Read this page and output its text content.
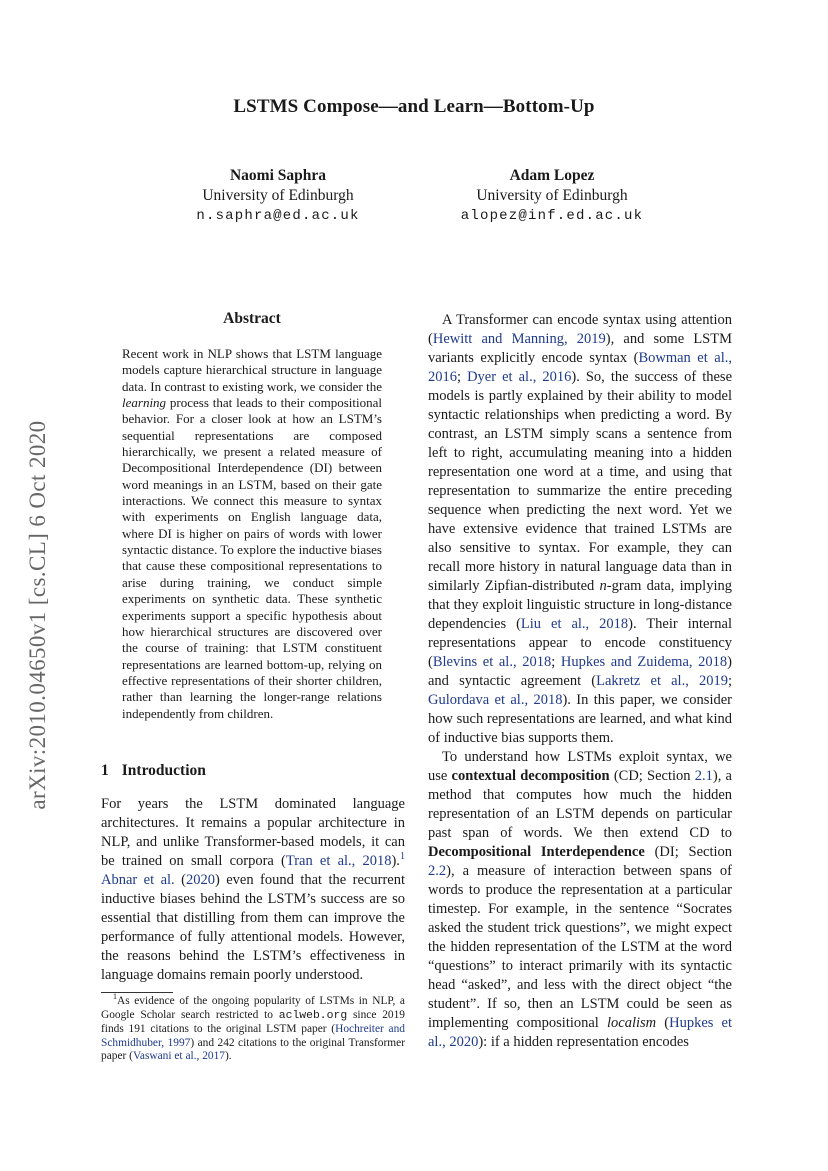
LSTMS Compose—and Learn—Bottom-Up
Naomi Saphra
University of Edinburgh
n.saphra@ed.ac.uk
Adam Lopez
University of Edinburgh
alopez@inf.ed.ac.uk
arXiv:2010.04650v1 [cs.CL] 6 Oct 2020
Abstract
Recent work in NLP shows that LSTM language models capture hierarchical structure in language data. In contrast to existing work, we consider the learning process that leads to their compositional behavior. For a closer look at how an LSTM’s sequential representations are composed hierarchically, we present a related measure of Decompositional Interdependence (DI) between word meanings in an LSTM, based on their gate interactions. We connect this measure to syntax with experiments on English language data, where DI is higher on pairs of words with lower syntactic distance. To explore the inductive biases that cause these compositional representations to arise during training, we conduct simple experiments on synthetic data. These synthetic experiments support a specific hypothesis about how hierarchical structures are discovered over the course of training: that LSTM constituent representations are learned bottom-up, relying on effective representations of their shorter children, rather than learning the longer-range relations independently from children.
1 Introduction
For years the LSTM dominated language architectures. It remains a popular architecture in NLP, and unlike Transformer-based models, it can be trained on small corpora (Tran et al., 2018).$^1$ Abnar et al. (2020) even found that the recurrent inductive biases behind the LSTM’s success are so essential that distilling from them can improve the performance of fully attentional models. However, the reasons behind the LSTM’s effectiveness in language domains remain poorly understood.

$^1$As evidence of the ongoing popularity of LSTMs in NLP, a Google Scholar search restricted to aclweb.org since 2019 finds 191 citations to the original LSTM paper (Hochreiter and Schmidhuber, 1997) and 242 citations to the original Transformer paper (Vaswani et al., 2017).

A Transformer can encode syntax using attention (Hewitt and Manning, 2019), and some LSTM variants explicitly encode syntax (Bowman et al., 2016; Dyer et al., 2016). So, the success of these models is partly explained by their ability to model syntactic relationships when predicting a word. By contrast, an LSTM simply scans a sentence from left to right, accumulating meaning into a hidden representation one word at a time, and using that representation to summarize the entire preceding sequence when predicting the next word. Yet we have extensive evidence that trained LSTMs are also sensitive to syntax. For example, they can recall more history in natural language data than in similarly Zipfian-distributed n-gram data, implying that they exploit linguistic structure in long-distance dependencies (Liu et al., 2018). Their internal representations appear to encode constituency (Blevins et al., 2018; Hupkes and Zuidema, 2018) and syntactic agreement (Lakretz et al., 2019; Gulordava et al., 2018). In this paper, we consider how such representations are learned, and what kind of inductive bias supports them.

To understand how LSTMs exploit syntax, we use contextual decomposition (CD; Section 2.1), a method that computes how much the hidden representation of an LSTM depends on particular past span of words. We then extend CD to Decompositional Interdependence (DI; Section 2.2), a measure of interaction between spans of words to produce the representation at a particular timestep. For example, in the sentence “Socrates asked the student trick questions”, we might expect the hidden representation of the LSTM at the word “questions” to interact primarily with its syntactic head “asked”, and less with the direct object “the student”. If so, then an LSTM could be seen as implementing compositional localism (Hupkes et al., 2020): if a hidden representation encodes
